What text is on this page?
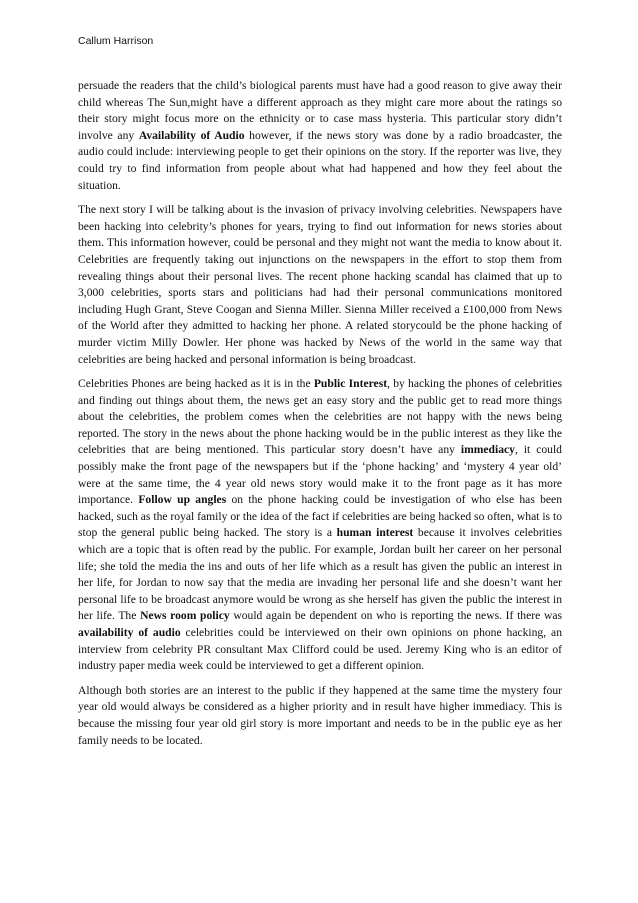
Callum Harrison

persuade the readers that the child’s biological parents must have had a good reason to give away their child whereas The Sun,might have a different approach as they might care more about the ratings so their story might focus more on the ethnicity or to case mass hysteria. This particular story didn’t involve any Availability of Audio however, if the news story was done by a radio broadcaster, the audio could include: interviewing people to get their opinions on the story. If the reporter was live, they could try to find information from people about what had happened and how they feel about the situation.

The next story I will be talking about is the invasion of privacy involving celebrities. Newspapers have been hacking into celebrity’s phones for years, trying to find out information for news stories about them. This information however, could be personal and they might not want the media to know about it. Celebrities are frequently taking out injunctions on the newspapers in the effort to stop them from revealing things about their personal lives. The recent phone hacking scandal has claimed that up to 3,000 celebrities, sports stars and politicians had had their personal communications monitored including Hugh Grant, Steve Coogan and Sienna Miller. Sienna Miller received a £100,000 from News of the World after they admitted to hacking her phone. A related storycould be the phone hacking of murder victim Milly Dowler. Her phone was hacked by News of the world in the same way that celebrities are being hacked and personal information is being broadcast.

Celebrities Phones are being hacked as it is in the Public Interest, by hacking the phones of celebrities and finding out things about them, the news get an easy story and the public get to read more things about the celebrities, the problem comes when the celebrities are not happy with the news being reported. The story in the news about the phone hacking would be in the public interest as they like the celebrities that are being mentioned. This particular story doesn’t have any immediacy, it could possibly make the front page of the newspapers but if the ‘phone hacking’ and ‘mystery 4 year old’ were at the same time, the 4 year old news story would make it to the front page as it has more importance. Follow up angles on the phone hacking could be investigation of who else has been hacked, such as the royal family or the idea of the fact if celebrities are being hacked so often, what is to stop the general public being hacked. The story is a human interest because it involves celebrities which are a topic that is often read by the public. For example, Jordan built her career on her personal life; she told the media the ins and outs of her life which as a result has given the public an interest in her life, for Jordan to now say that the media are invading her personal life and she doesn’t want her personal life to be broadcast anymore would be wrong as she herself has given the public the interest in her life. The News room policy would again be dependent on who is reporting the news. If there was availability of audio celebrities could be interviewed on their own opinions on phone hacking, an interview from celebrity PR consultant Max Clifford could be used. Jeremy King who is an editor of industry paper media week could be interviewed to get a different opinion.

Although both stories are an interest to the public if they happened at the same time the mystery four year old would always be considered as a higher priority and in result have higher immediacy. This is because the missing four year old girl story is more important and needs to be in the public eye as her family needs to be located.
